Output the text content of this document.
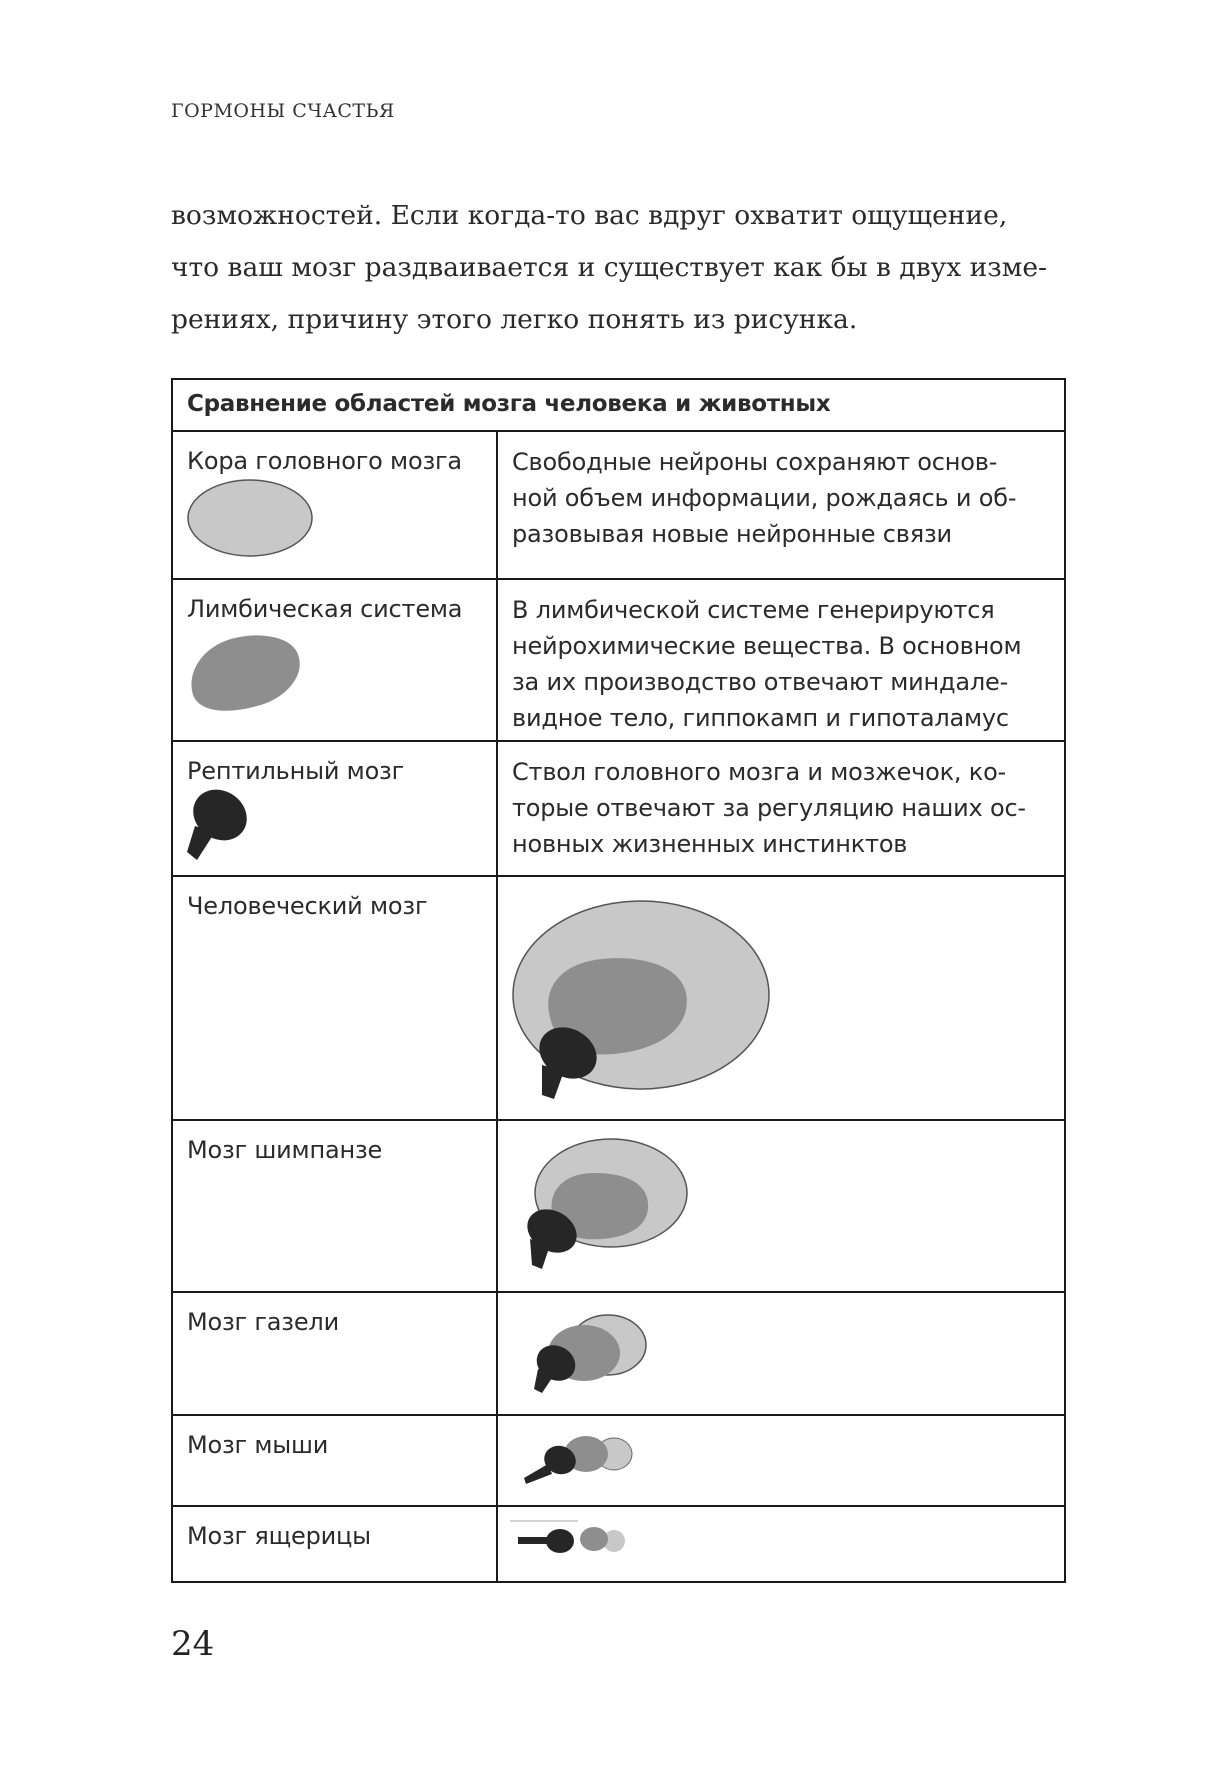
ГОРМОНЫ СЧАСТЬЯ
возможностей. Если когда-то вас вдруг охватит ощущение,
что ваш мозг раздваивается и существует как бы в двух изме-
рениях, причину этого легко понять из рисунка.
Сравнение областей мозга человека и животных	

Кора головного мозга	Свободные нейроны сохраняют основ-
ной объем информации, рождаясь и об-
разовывая новые нейронные связи

Лимбическая система	В лимбической системе генерируются
нейрохимические вещества. В основном
за их производство отвечают миндале-
видное тело, гиппокамп и гипоталамус

Рептильный мозг	Ствол головного мозга и мозжечок, ко-
торые отвечают за регуляцию наших ос-
новных жизненных инстинктов

Человеческий мозг

Мозг шимпанзе

Мозг газели

Мозг мыши

Мозг ящерицы

24
